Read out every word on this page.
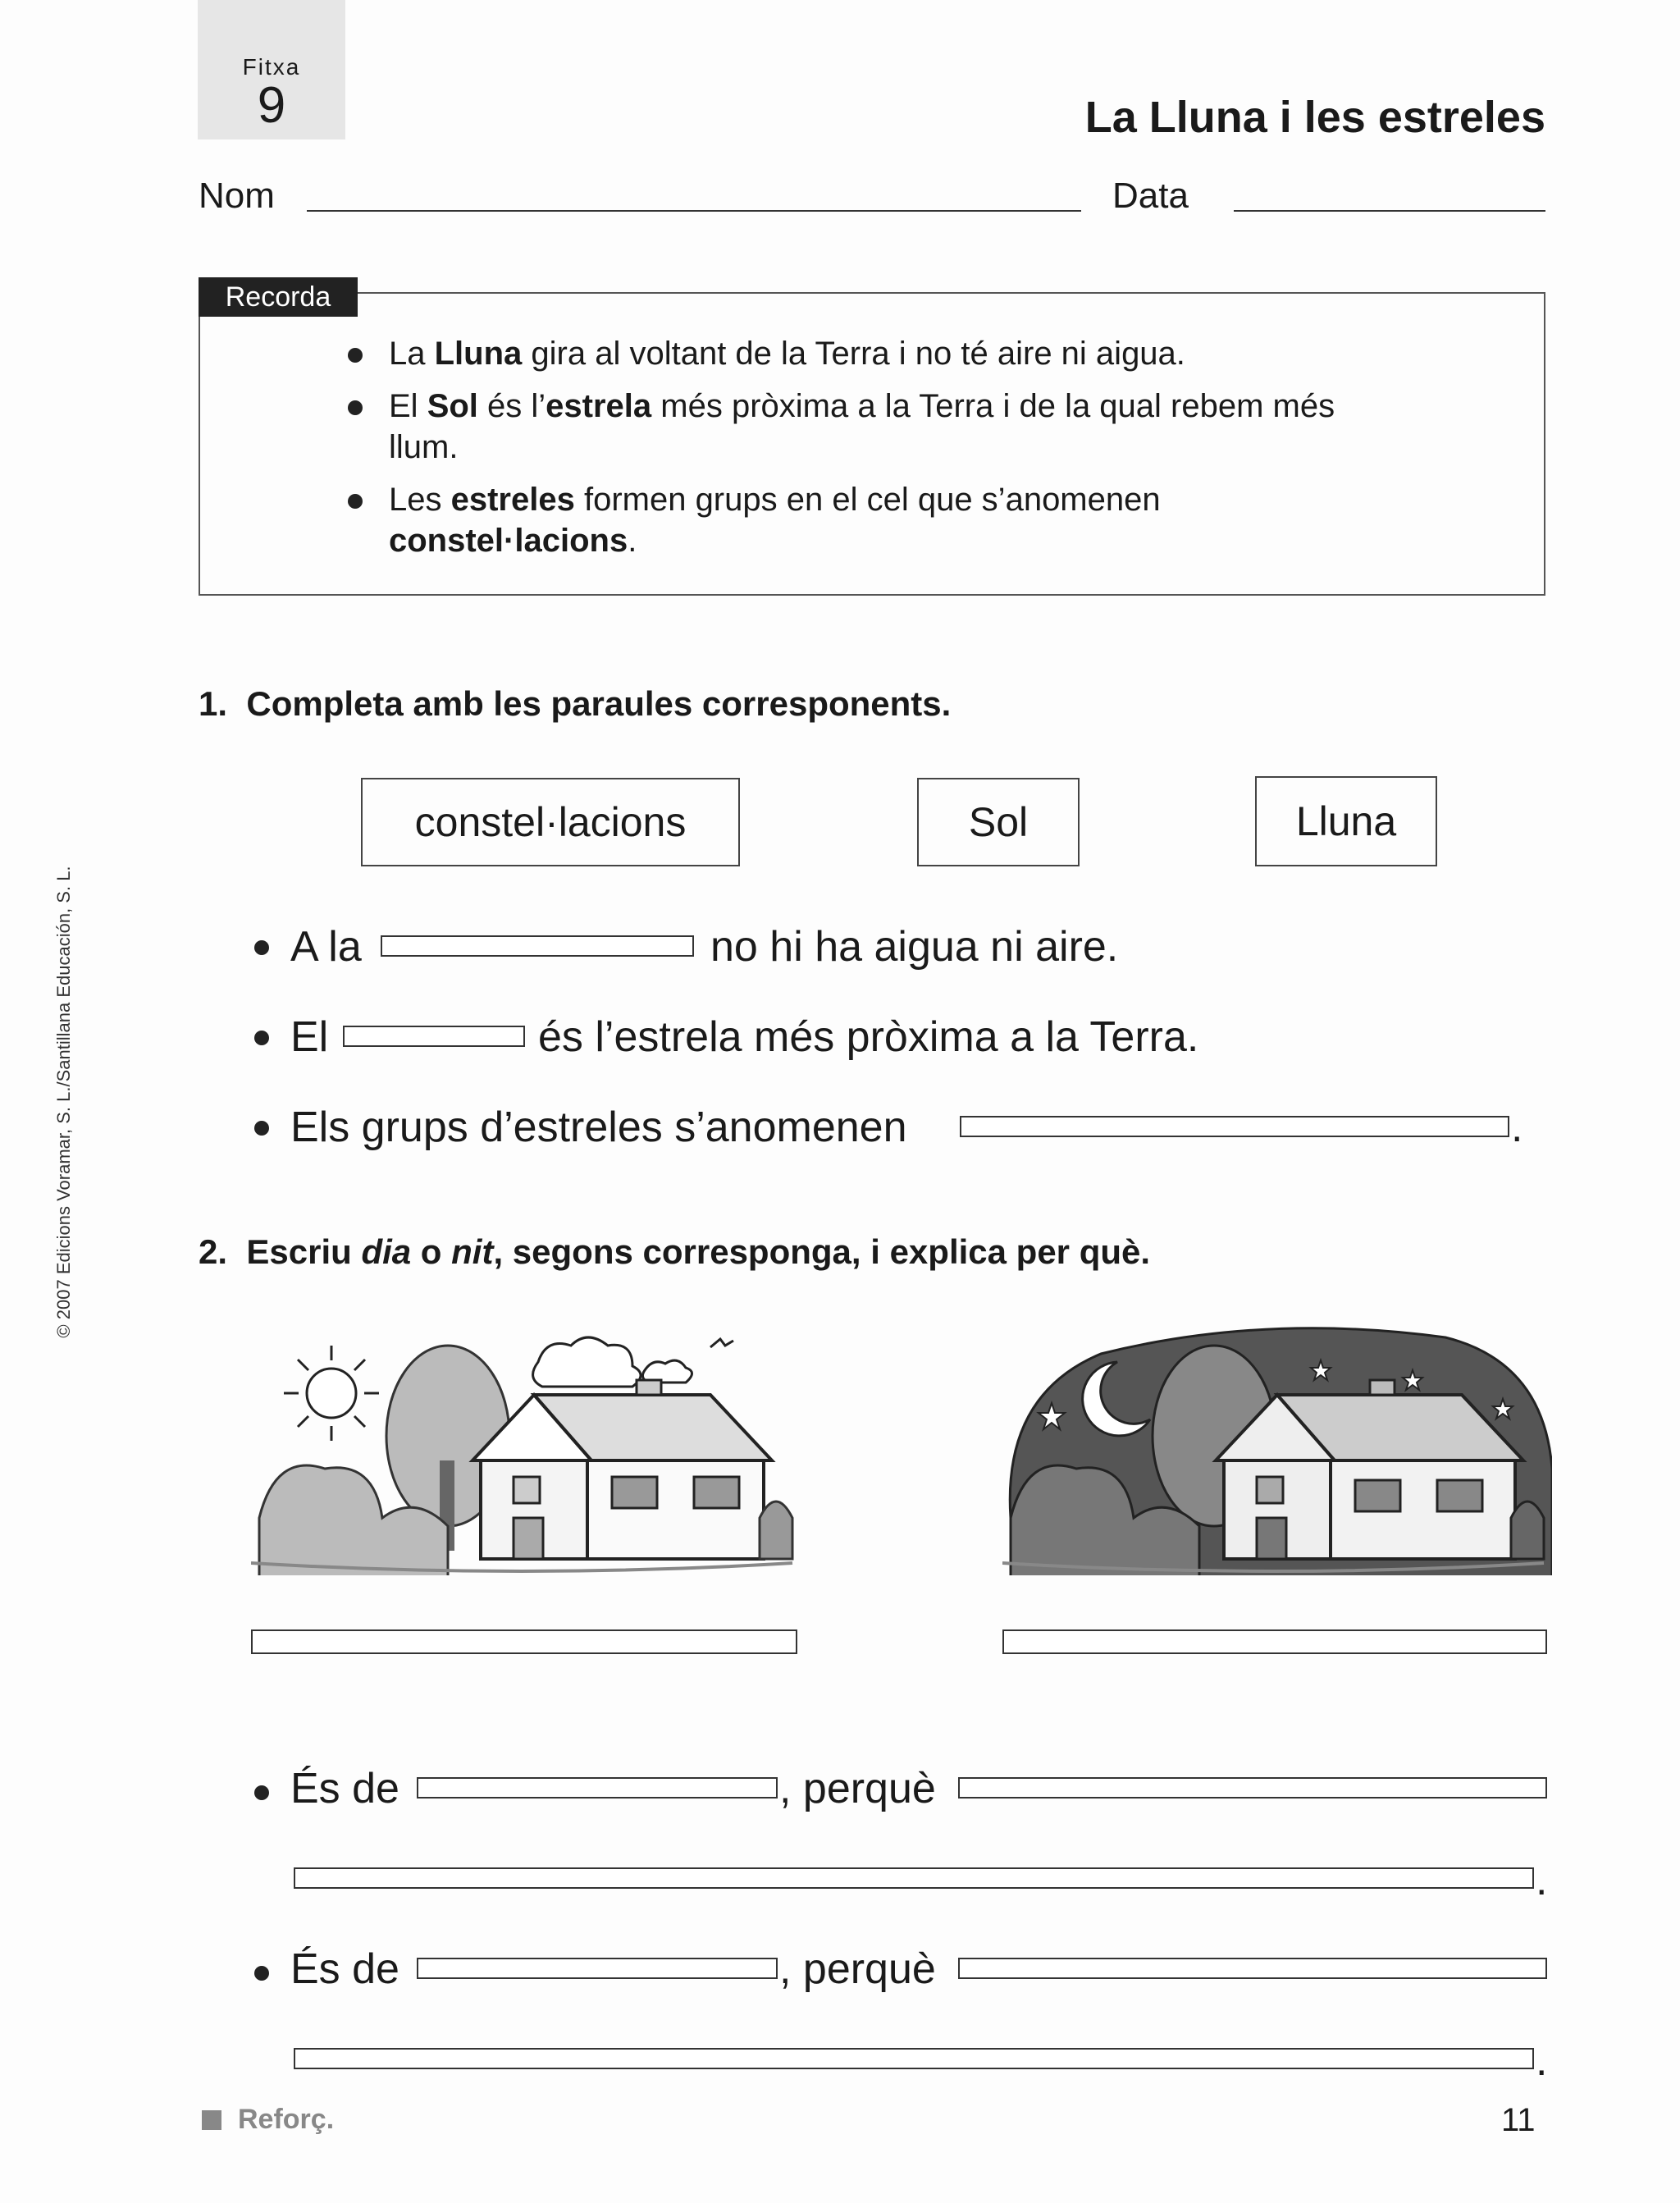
Fitxa
9	La Lluna i les estreles
Nom	Data
Recorda
La Lluna gira al voltant de la Terra i no té aire ni aigua.
El Sol és l’estrela més pròxima a la Terra i de la qual rebem més llum.
Les estreles formen grups en el cel que s’anomenen constel·lacions.
1. Completa amb les paraules corresponents.
constel·lacions	Sol	Lluna
A la	no hi ha aigua ni aire.
El	és l’estrela més pròxima a la Terra.
Els grups d’estreles s’anomenen	.
2. Escriu dia o nit, segons corresponga, i explica per què.
És de	, perquè
.
És de	, perquè
.
Reforç.	11
© 2007 Edicions Voramar, S. L./Santillana Educación, S. L.
